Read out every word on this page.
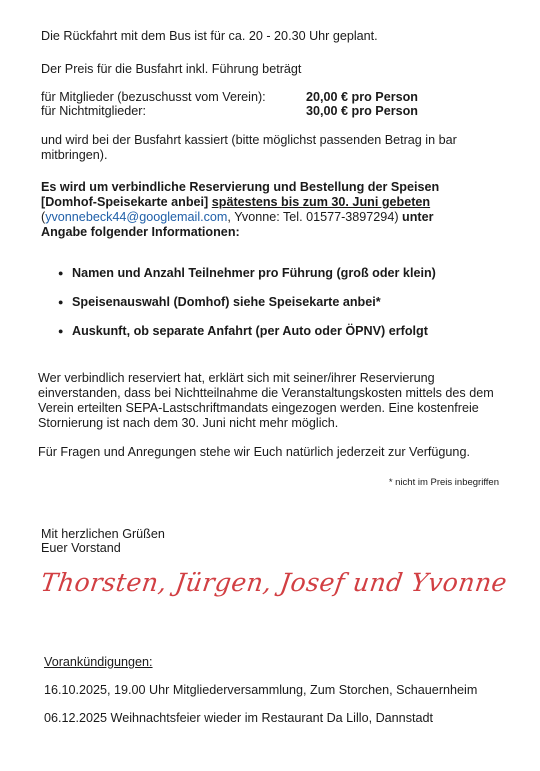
Die Rückfahrt mit dem Bus ist für ca. 20 - 20.30 Uhr geplant.

Der Preis für die Busfahrt inkl. Führung beträgt

für Mitglieder (bezuschusst vom Verein):	20,00 € pro Person
für Nichtmitglieder:	30,00 € pro Person

und wird bei der Busfahrt kassiert (bitte möglichst passenden Betrag in bar mitbringen).

Es wird um verbindliche Reservierung und Bestellung der Speisen [Domhof-Speisekarte anbei] spätestens bis zum 30. Juni gebeten (yvonnebeck44@googlemail.com, Yvonne: Tel. 01577-3897294) unter Angabe folgender Informationen:

● Namen und Anzahl Teilnehmer pro Führung (groß oder klein)
● Speisenauswahl (Domhof) siehe Speisekarte anbei*
● Auskunft, ob separate Anfahrt (per Auto oder ÖPNV) erfolgt

Wer verbindlich reserviert hat, erklärt sich mit seiner/ihrer Reservierung einverstanden, dass bei Nichtteilnahme die Veranstaltungskosten mittels des dem Verein erteilten SEPA-Lastschriftmandats eingezogen werden. Eine kostenfreie Stornierung ist nach dem 30. Juni nicht mehr möglich.

Für Fragen und Anregungen stehe wir Euch natürlich jederzeit zur Verfügung.

* nicht im Preis inbegriffen

Mit herzlichen Grüßen

Euer Vorstand

Thorsten, Jürgen, Josef und Yvonne

Vorankündigungen:

16.10.2025, 19.00 Uhr Mitgliederversammlung, Zum Storchen, Schauernheim

06.12.2025 Weihnachtsfeier wieder im Restaurant Da Lillo, Dannstadt
